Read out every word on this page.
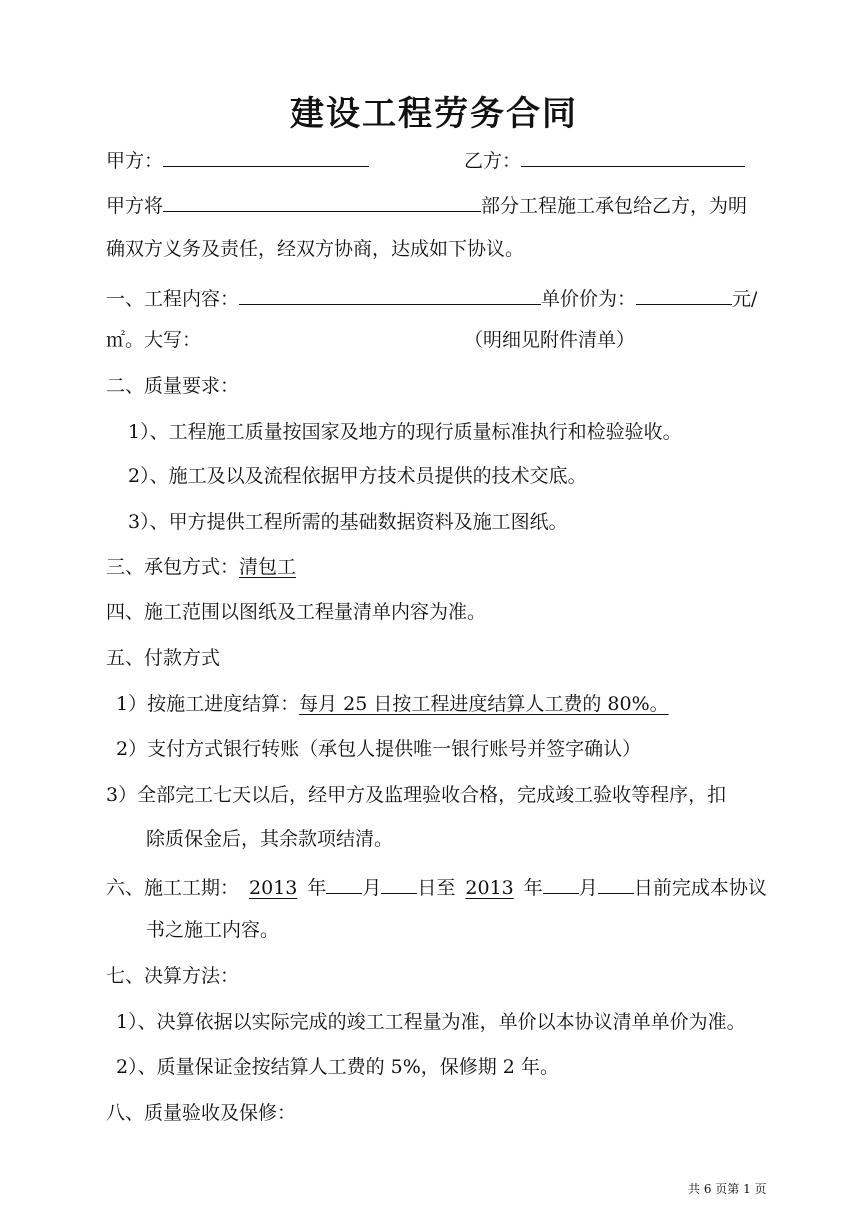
建设工程劳务合同
甲方：	乙方：
甲方将	部分工程施工承包给乙方，为明
确双方义务及责任，经双方协商，达成如下协议。
一、工程内容：	单价价为：	元/
㎡。大写：	（明细见附件清单）
二、质量要求：
1）、工程施工质量按国家及地方的现行质量标准执行和检验验收。
2）、施工及以及流程依据甲方技术员提供的技术交底。
3）、甲方提供工程所需的基础数据资料及施工图纸。
三、承包方式：清包工
四、施工范围以图纸及工程量清单内容为准。
五、付款方式
1）按施工进度结算：每月 25 日按工程进度结算人工费的 80%。
2）支付方式银行转账（承包人提供唯一银行账号并签字确认）
3）全部完工七天以后，经甲方及监理验收合格，完成竣工验收等程序，扣
除质保金后，其余款项结清。
六、施工工期： 2013 年 月 日至 2013 年 月 日前完成本协议
书之施工内容。
七、决算方法：
1）、决算依据以实际完成的竣工工程量为准，单价以本协议清单单价为准。
2）、质量保证金按结算人工费的 5%，保修期 2 年。
八、质量验收及保修：
共 6 页第 1 页
